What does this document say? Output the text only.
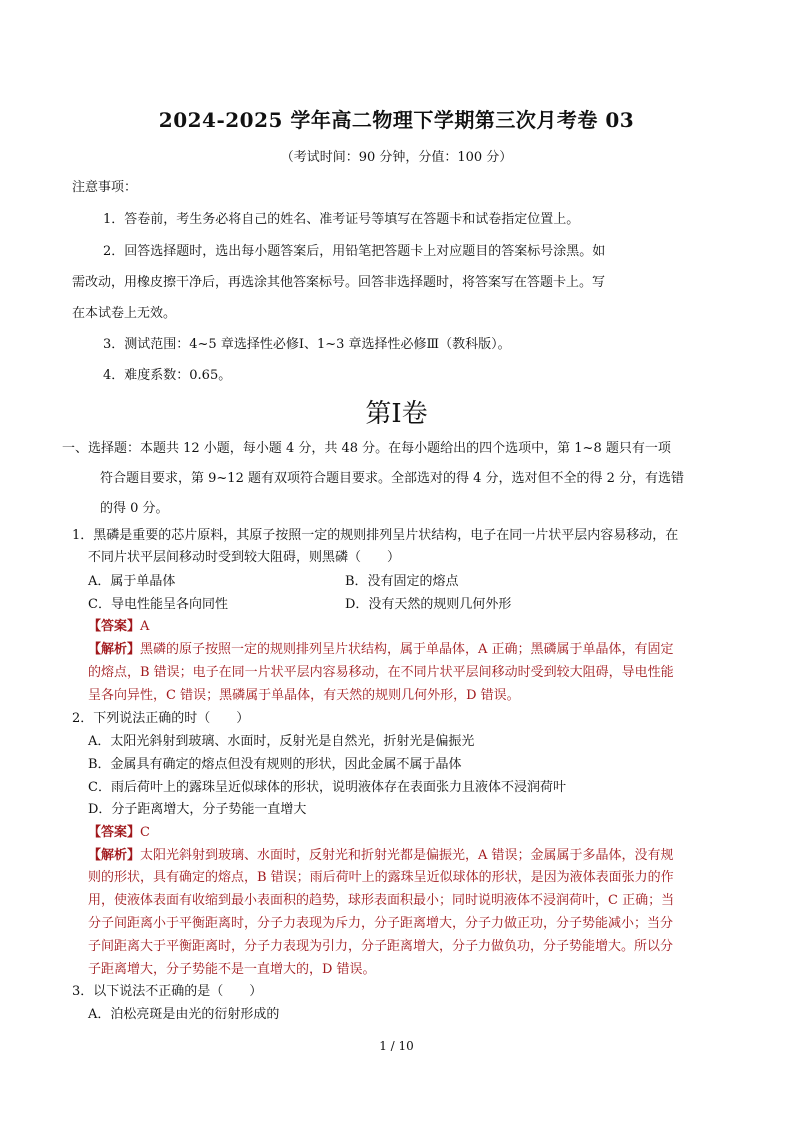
2024-2025 学年高二物理下学期第三次月考卷 03
（考试时间：90 分钟，分值：100 分）
注意事项：
1．答卷前，考生务必将自己的姓名、准考证号等填写在答题卡和试卷指定位置上。
2．回答选择题时，选出每小题答案后，用铅笔把答题卡上对应题目的答案标号涂黑。如
需改动，用橡皮擦干净后，再选涂其他答案标号。回答非选择题时，将答案写在答题卡上。写
在本试卷上无效。
3．测试范围：4~5 章选择性必修Ⅰ、1~3 章选择性必修Ⅲ（教科版）。
4．难度系数：0.65。
第Ⅰ卷
一、选择题：本题共 12 小题，每小题 4 分，共 48 分。在每小题给出的四个选项中，第 1~8 题只有一项
符合题目要求，第 9~12 题有双项符合题目要求。全部选对的得 4 分，选对但不全的得 2 分，有选错
的得 0 分。
1．黑磷是重要的芯片原料，其原子按照一定的规则排列呈片状结构，电子在同一片状平层内容易移动，在
不同片状平层间移动时受到较大阻碍，则黑磷（　　）
A．属于单晶体	B．没有固定的熔点
C．导电性能呈各向同性	D．没有天然的规则几何外形
【答案】A
【解析】黑磷的原子按照一定的规则排列呈片状结构，属于单晶体，A 正确；黑磷属于单晶体，有固定
的熔点，B 错误；电子在同一片状平层内容易移动，在不同片状平层间移动时受到较大阻碍，导电性能
呈各向异性，C 错误；黑磷属于单晶体，有天然的规则几何外形，D 错误。
2．下列说法正确的时（　　）
A．太阳光斜射到玻璃、水面时，反射光是自然光，折射光是偏振光
B．金属具有确定的熔点但没有规则的形状，因此金属不属于晶体
C．雨后荷叶上的露珠呈近似球体的形状，说明液体存在表面张力且液体不浸润荷叶
D．分子距离增大，分子势能一直增大
【答案】C
【解析】太阳光斜射到玻璃、水面时，反射光和折射光都是偏振光，A 错误；金属属于多晶体，没有规
则的形状，具有确定的熔点，B 错误；雨后荷叶上的露珠呈近似球体的形状，是因为液体表面张力的作
用，使液体表面有收缩到最小表面积的趋势，球形表面积最小；同时说明液体不浸润荷叶，C 正确；当
分子间距离小于平衡距离时，分子力表现为斥力，分子距离增大，分子力做正功，分子势能减小；当分
子间距离大于平衡距离时，分子力表现为引力，分子距离增大，分子力做负功，分子势能增大。所以分
子距离增大，分子势能不是一直增大的，D 错误。
3．以下说法不正确的是（　　）
A．泊松亮斑是由光的衍射形成的
1 / 10
